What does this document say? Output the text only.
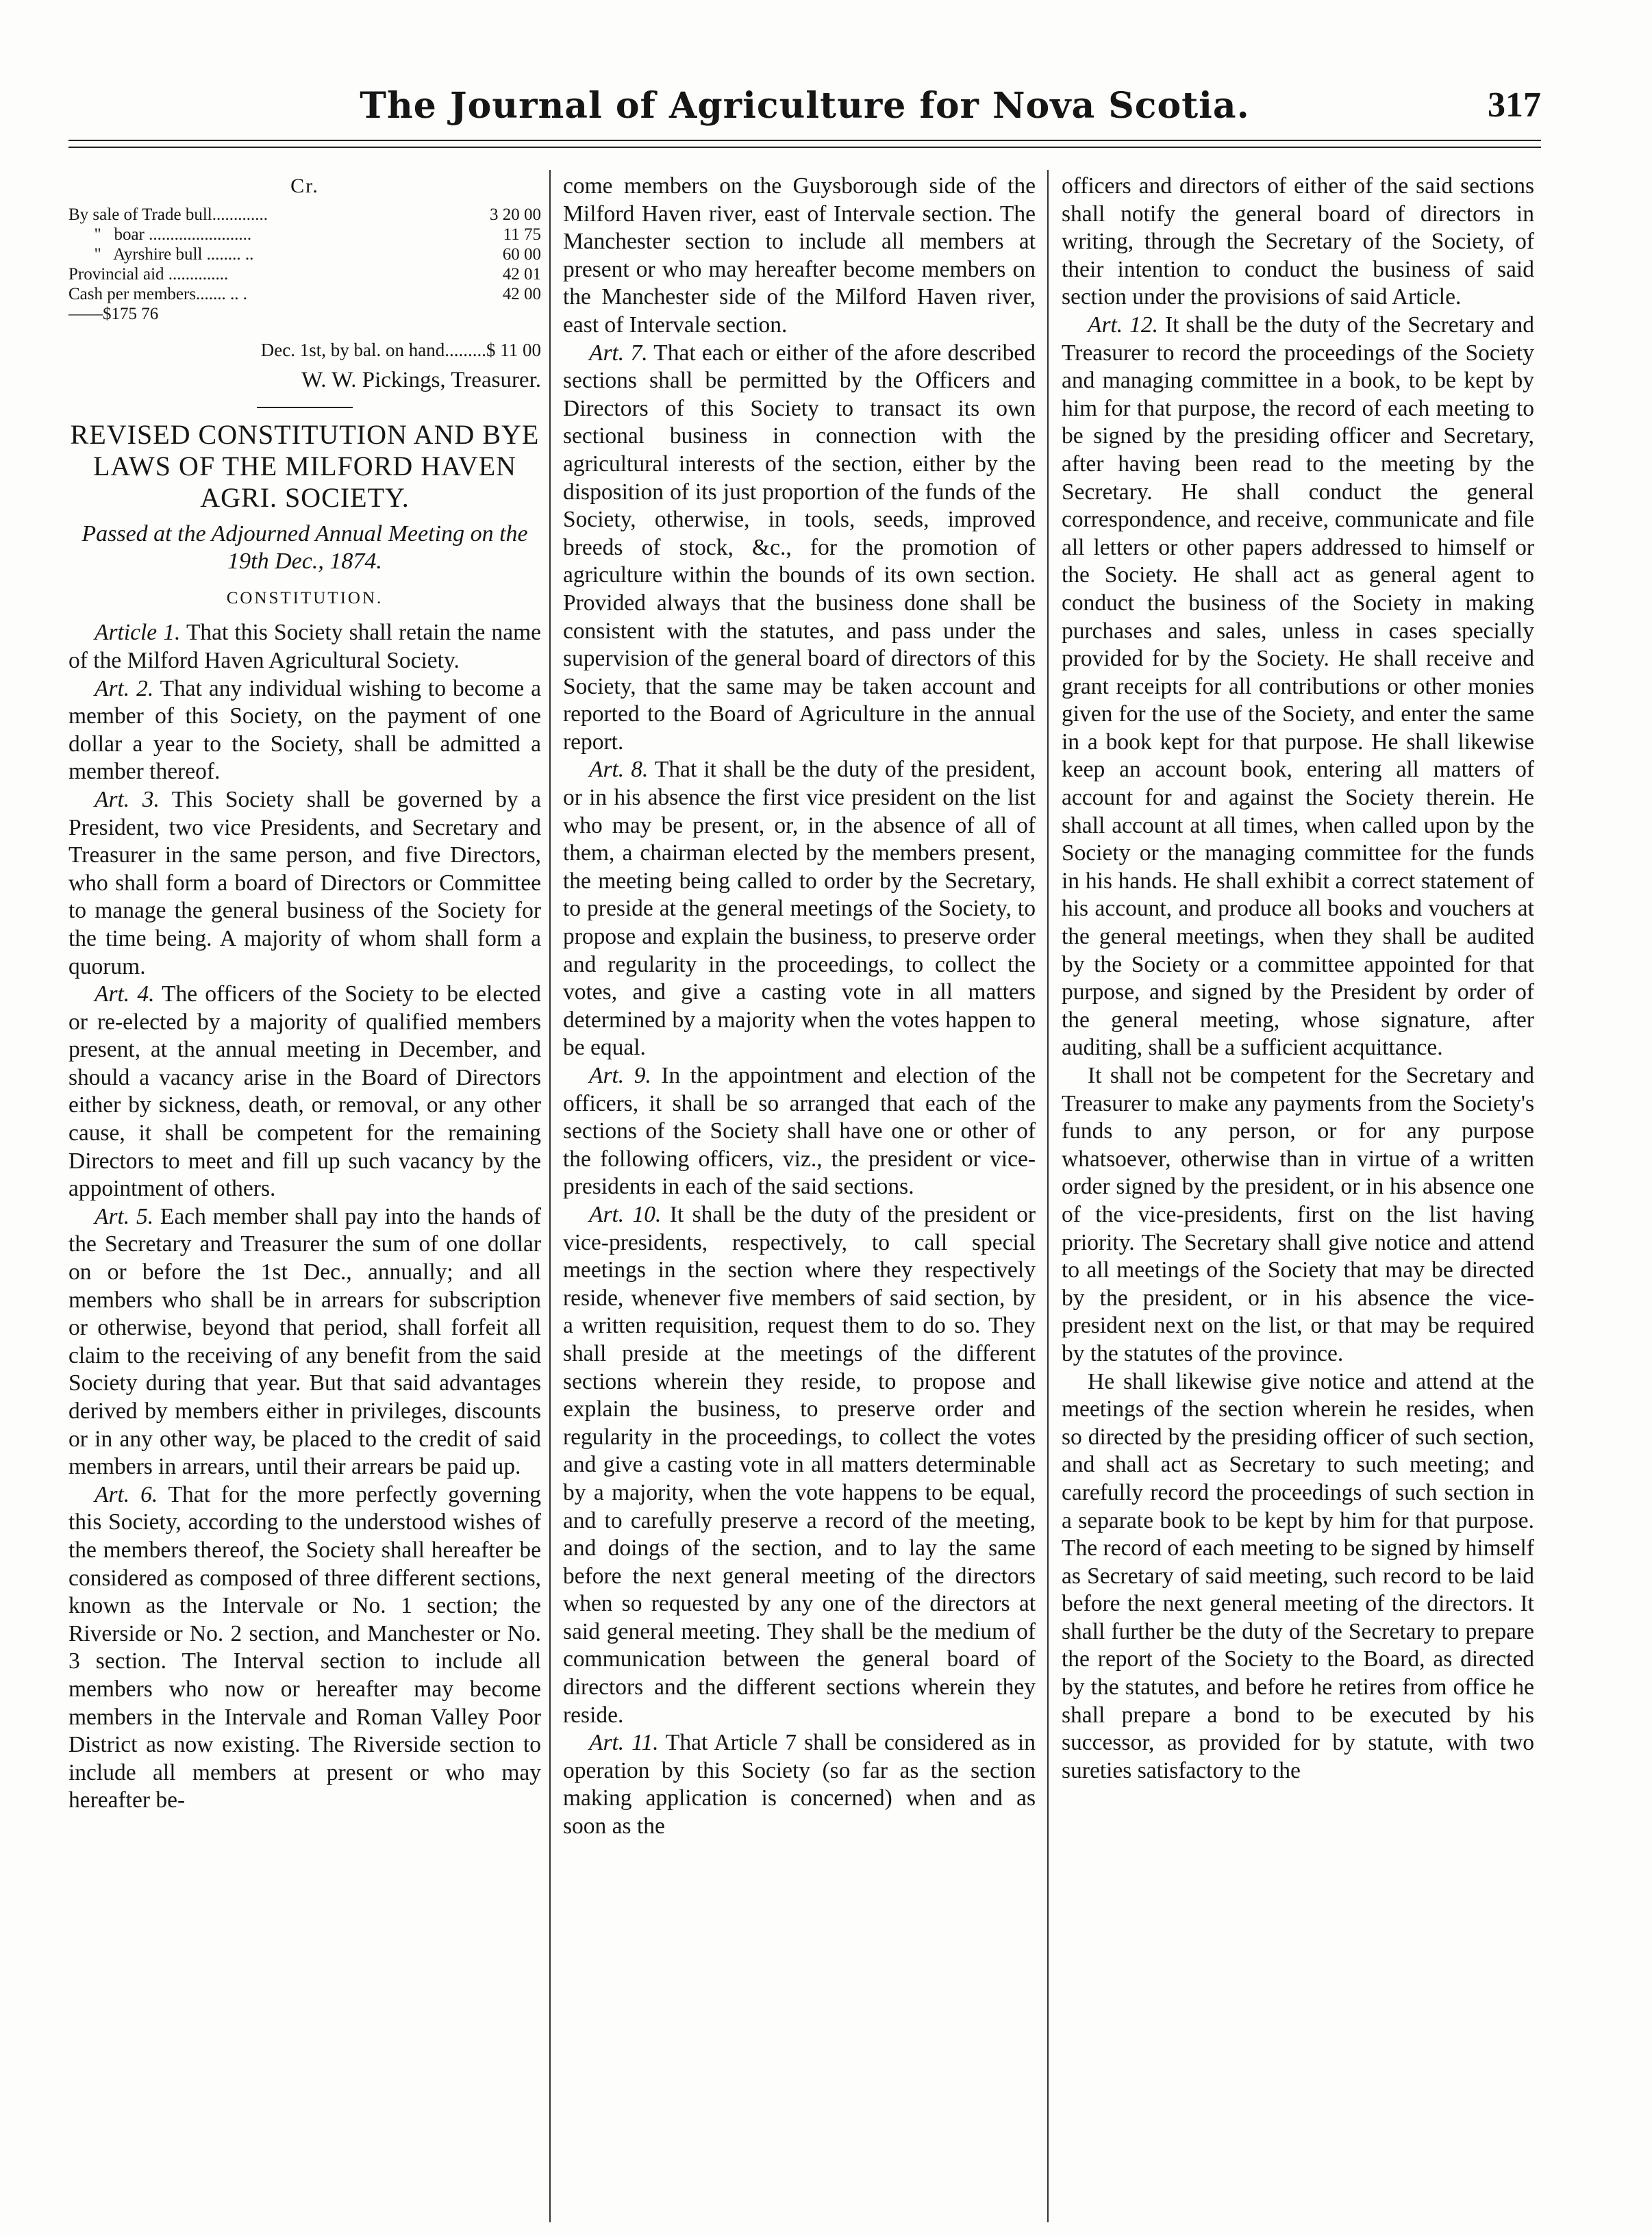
The Journal of Agriculture for Nova Scotia.	317
Cr.
By sale of Trade bull.............	3 20 00
"   boar ........................	11 75
"   Ayrshire bull ........ ..	60 00
Provincial aid ..............	42 01
Cash per members....... .. .	42 00
——$175 76
Dec. 1st, by bal. on hand.........$ 11 00
W. W. Pickings, Treasurer.
REVISED CONSTITUTION AND BYE LAWS OF THE MILFORD HAVEN AGRI. SOCIETY.
Passed at the Adjourned Annual Meeting on the 19th Dec., 1874.
CONSTITUTION.

Article 1. That this Society shall retain the name of the Milford Haven Agricultural Society.

Art. 2. That any individual wishing to become a member of this Society, on the payment of one dollar a year to the Society, shall be admitted a member thereof.

Art. 3. This Society shall be governed by a President, two vice Presidents, and Secretary and Treasurer in the same person, and five Directors, who shall form a board of Directors or Committee to manage the general business of the Society for the time being. A majority of whom shall form a quorum.

Art. 4. The officers of the Society to be elected or re-elected by a majority of qualified members present, at the annual meeting in December, and should a vacancy arise in the Board of Directors either by sickness, death, or removal, or any other cause, it shall be competent for the remaining Directors to meet and fill up such vacancy by the appointment of others.

Art. 5. Each member shall pay into the hands of the Secretary and Treasurer the sum of one dollar on or before the 1st Dec., annually; and all members who shall be in arrears for subscription or otherwise, beyond that period, shall forfeit all claim to the receiving of any benefit from the said Society during that year. But that said advantages derived by members either in privileges, discounts or in any other way, be placed to the credit of said members in arrears, until their arrears be paid up.

Art. 6. That for the more perfectly governing this Society, according to the understood wishes of the members thereof, the Society shall hereafter be considered as composed of three different sections, known as the Intervale or No. 1 section; the Riverside or No. 2 section, and Manchester or No. 3 section. The Interval section to include all members who now or hereafter may become members in the Intervale and Roman Valley Poor District as now existing. The Riverside section to include all members at present or who may hereafter be-

come members on the Guysborough side of the Milford Haven river, east of Intervale section. The Manchester section to include all members at present or who may hereafter become members on the Manchester side of the Milford Haven river, east of Intervale section.

Art. 7. That each or either of the afore described sections shall be permitted by the Officers and Directors of this Society to transact its own sectional business in connection with the agricultural interests of the section, either by the disposition of its just proportion of the funds of the Society, otherwise, in tools, seeds, improved breeds of stock, &c., for the promotion of agriculture within the bounds of its own section. Provided always that the business done shall be consistent with the statutes, and pass under the supervision of the general board of directors of this Society, that the same may be taken account and reported to the Board of Agriculture in the annual report.

Art. 8. That it shall be the duty of the president, or in his absence the first vice president on the list who may be present, or, in the absence of all of them, a chairman elected by the members present, the meeting being called to order by the Secretary, to preside at the general meetings of the Society, to propose and explain the business, to preserve order and regularity in the proceedings, to collect the votes, and give a casting vote in all matters determined by a majority when the votes happen to be equal.

Art. 9. In the appointment and election of the officers, it shall be so arranged that each of the sections of the Society shall have one or other of the following officers, viz., the president or vice-presidents in each of the said sections.

Art. 10. It shall be the duty of the president or vice-presidents, respectively, to call special meetings in the section where they respectively reside, whenever five members of said section, by a written requisition, request them to do so. They shall preside at the meetings of the different sections wherein they reside, to propose and explain the business, to preserve order and regularity in the proceedings, to collect the votes and give a casting vote in all matters determinable by a majority, when the vote happens to be equal, and to carefully preserve a record of the meeting, and doings of the section, and to lay the same before the next general meeting of the directors when so requested by any one of the directors at said general meeting. They shall be the medium of communication between the general board of directors and the different sections wherein they reside.

Art. 11. That Article 7 shall be considered as in operation by this Society (so far as the section making application is concerned) when and as soon as the

officers and directors of either of the said sections shall notify the general board of directors in writing, through the Secretary of the Society, of their intention to conduct the business of said section under the provisions of said Article.

Art. 12. It shall be the duty of the Secretary and Treasurer to record the proceedings of the Society and managing committee in a book, to be kept by him for that purpose, the record of each meeting to be signed by the presiding officer and Secretary, after having been read to the meeting by the Secretary. He shall conduct the general correspondence, and receive, communicate and file all letters or other papers addressed to himself or the Society. He shall act as general agent to conduct the business of the Society in making purchases and sales, unless in cases specially provided for by the Society. He shall receive and grant receipts for all contributions or other monies given for the use of the Society, and enter the same in a book kept for that purpose. He shall likewise keep an account book, entering all matters of account for and against the Society therein. He shall account at all times, when called upon by the Society or the managing committee for the funds in his hands. He shall exhibit a correct statement of his account, and produce all books and vouchers at the general meetings, when they shall be audited by the Society or a committee appointed for that purpose, and signed by the President by order of the general meeting, whose signature, after auditing, shall be a sufficient acquittance.

It shall not be competent for the Secretary and Treasurer to make any payments from the Society's funds to any person, or for any purpose whatsoever, otherwise than in virtue of a written order signed by the president, or in his absence one of the vice-presidents, first on the list having priority. The Secretary shall give notice and attend to all meetings of the Society that may be directed by the president, or in his absence the vice-president next on the list, or that may be required by the statutes of the province.

He shall likewise give notice and attend at the meetings of the section wherein he resides, when so directed by the presiding officer of such section, and shall act as Secretary to such meeting; and carefully record the proceedings of such section in a separate book to be kept by him for that purpose. The record of each meeting to be signed by himself as Secretary of said meeting, such record to be laid before the next general meeting of the directors. It shall further be the duty of the Secretary to prepare the report of the Society to the Board, as directed by the statutes, and before he retires from office he shall prepare a bond to be executed by his successor, as provided for by statute, with two sureties satisfactory to the
